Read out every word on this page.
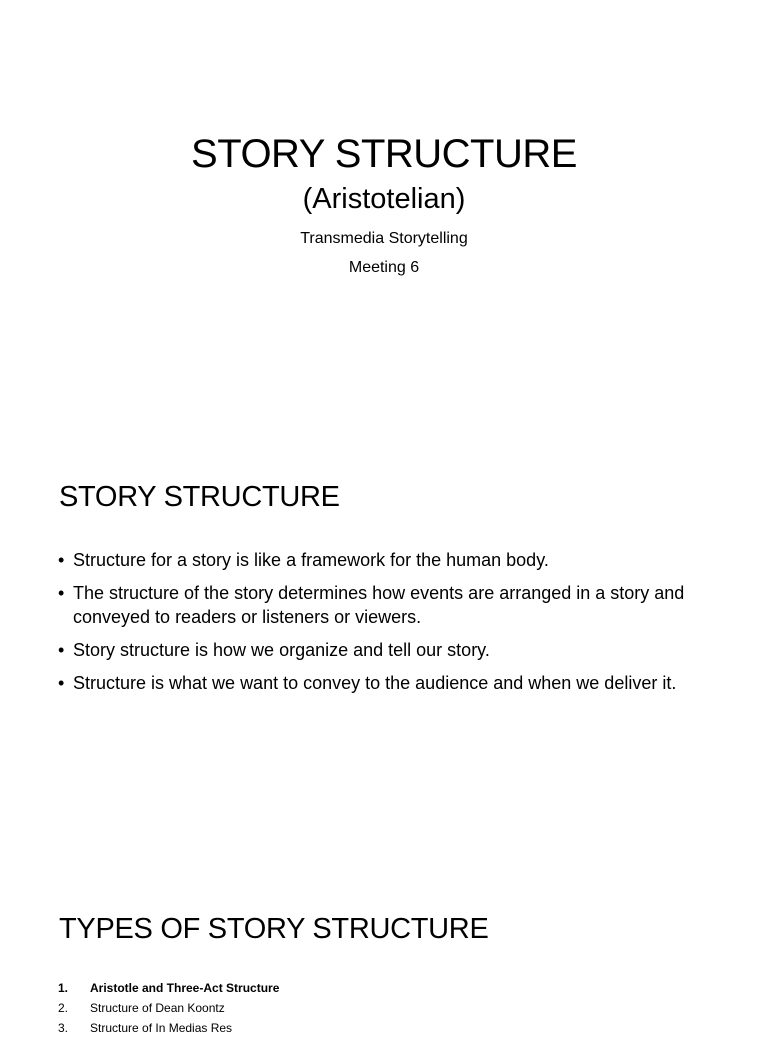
STORY STRUCTURE
(Aristotelian)
Transmedia Storytelling
Meeting 6
STORY STRUCTURE
• Structure for a story is like a framework for the human body.
• The structure of the story determines how events are arranged in a story and conveyed to readers or listeners or viewers.
• Story structure is how we organize and tell our story.
• Structure is what we want to convey to the audience and when we deliver it.
TYPES OF STORY STRUCTURE
1. Aristotle and Three-Act Structure
2. Structure of Dean Koontz
3. Structure of In Medias Res
